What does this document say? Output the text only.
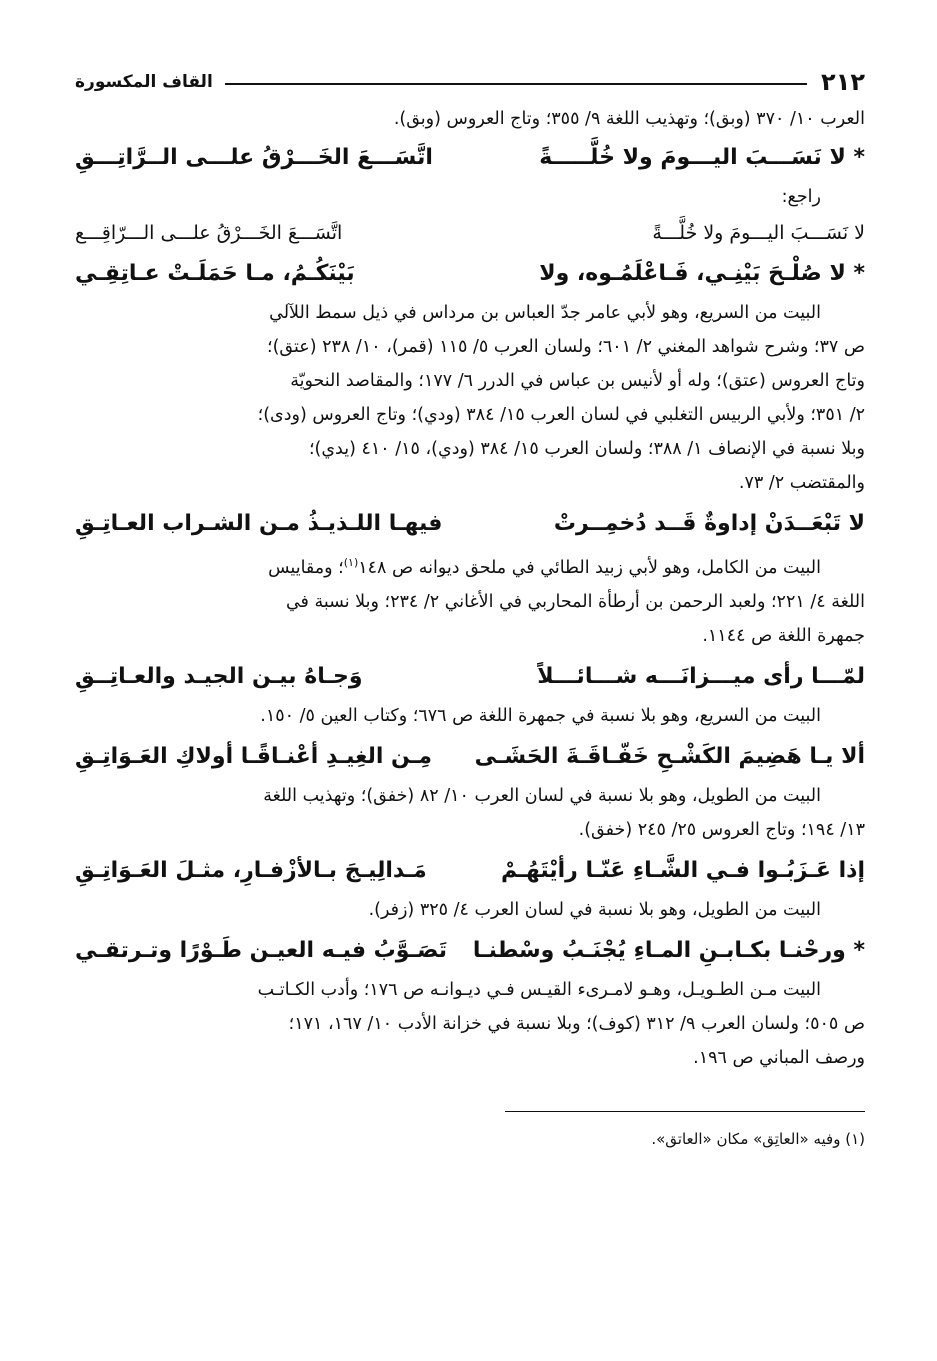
٢١٢
القاف المكسورة
العرب ١٠/ ٣٧٠ (وبق)؛ وتهذيب اللغة ٩/ ٣٥٥؛ وتاج العروس (وبق).
* لا نَسَـــبَ اليـــومَ ولا خُلَّـــــةً
اتَّسَـــعَ الخَـــرْقُ علـــى الــرَّاتِـــقِ
راجع:
لا نَسَـــبَ اليـــومَ ولا خُلَّـــةً
اتَّسَـــعَ الخَـــرْقُ علـــى الـــرّاقِـــع
* لا صُلْـحَ بَيْنِـي، فَـاعْلَمُـوه، ولا
بَيْنَكُـمُ، مـا حَمَلَـتْ عـاتِقِـي
البيت من السريع، وهو لأبي عامر جدّ العباس بن مرداس في ذيل سمط اللآلي
ص ٣٧؛ وشرح شواهد المغني ٢/ ٦٠١؛ ولسان العرب ٥/ ١١٥ (قمر)، ١٠/ ٢٣٨ (عتق)؛
وتاج العروس (عتق)؛ وله أو لأنيس بن عباس في الدرر ٦/ ١٧٧؛ والمقاصد النحويّة
٢/ ٣٥١؛ ولأبي الربيس التغلبي في لسان العرب ١٥/ ٣٨٤ (ودي)؛ وتاج العروس (ودى)؛
وبلا نسبة في الإنصاف ١/ ٣٨٨؛ ولسان العرب ١٥/ ٣٨٤ (ودي)، ١٥/ ٤١٠ (يدي)؛
والمقتضب ٢/ ٧٣.
لا تَبْعَــدَنْ إداوةٌ قَــد دُخمِــرتْ
فيهـا اللـذيـذُ مـن الشـراب العـاتِـقِ
البيت من الكامل، وهو لأبي زبيد الطائي في ملحق ديوانه ص ١٤٨$^{(١)}$؛ ومقاييس
اللغة ٤/ ٢٢١؛ ولعبد الرحمن بن أرطأة المحاربي في الأغاني ٢/ ٢٣٤؛ وبلا نسبة في
جمهرة اللغة ص ١١٤٤.
لمّـــا رأى ميـــزانَـــه شـــائـــلاً
وَجـاهُ بيـن الجيـد والعـاتِــقِ
البيت من السريع، وهو بلا نسبة في جمهرة اللغة ص ٦٧٦؛ وكتاب العين ٥/ ١٥٠.
ألا يـا هَضِيمَ الكَشْـحِ خَفّـاقَـةَ الحَشَـى
مِـن الغِيـدِ أعْنـاقًـا أولاكِ العَـوَاتِـقِ
البيت من الطويل، وهو بلا نسبة في لسان العرب ١٠/ ٨٢ (خفق)؛ وتهذيب اللغة
١٣/ ١٩٤؛ وتاج العروس ٢٥/ ٢٤٥ (خفق).
إذا عَـزَبُـوا فـي الشَّـاءِ عَنّـا رأيْتَهُـمْ
مَـدالِيـجَ بـالأزْفـارِ، مثـلَ العَـوَاتِـقِ
البيت من الطويل، وهو بلا نسبة في لسان العرب ٤/ ٣٢٥ (زفر).
* ورحْنـا بكـابـنِ المـاءِ يُجْنَـبُ وسْطنـا
تَصَـوَّبُ فيـه العيـن طَـوْرًا وتـرتقـي
البيت مـن الطـويـل، وهـو لامـرىء القيـس فـي ديـوانـه ص ١٧٦؛ وأدب الكـاتـب
ص ٥٠٥؛ ولسان العرب ٩/ ٣١٢ (كوف)؛ وبلا نسبة في خزانة الأدب ١٠/ ١٦٧، ١٧١؛
ورصف المباني ص ١٩٦.
(١) وفيه «العاتِق» مكان «العاتق».
